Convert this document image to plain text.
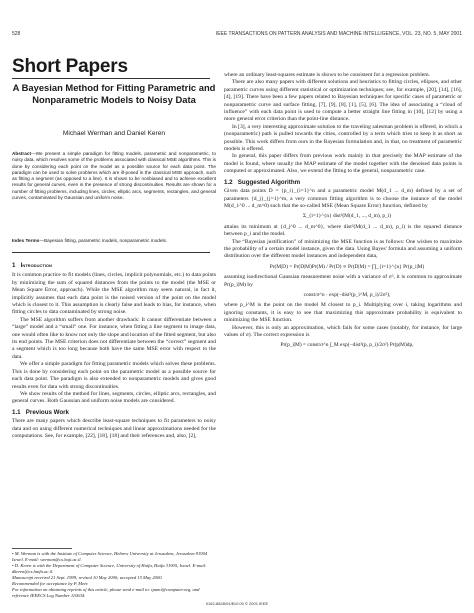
528	IEEE TRANSACTIONS ON PATTERN ANALYSIS AND MACHINE INTELLIGENCE, VOL. 23, NO. 5, MAY 2001
Short Papers
A Bayesian Method for Fitting Parametric and Nonparametric Models to Noisy Data
Michael Werman and Daniel Keren

Abstract—We present a simple paradigm for fitting models, parametric and nonparametric, to noisy data, which resolves some of the problems associated with classical MSE algorithms. This is done by considering each point on the model as a possible source for each data point. The paradigm can be used to solve problems which are ill-posed in the classical MSE approach, such as fitting a segment (as opposed to a line). It is shown to be nonbiased and to achieve excellent results for general curves, even in the presence of strong discontinuities. Results are shown for a number of fitting problems, including lines, circles, elliptic arcs, segments, rectangles, and general curves, contaminated by Gaussian and uniform noise.

Index Terms—Bayesian fitting, parametric models, nonparametric models.

1 Introduction

It is common practice to fit models (lines, circles, implicit polynomials, etc.) to data points by minimizing the sum of squared distances from the points to the model (the MSE or Mean Square Error, approach). While the MSE algorithm may seem natural, in fact it, implicitly assumes that each data point is the noised version of the point on the model which is closest to it. This assumption is clearly false and leads to bias, for instance, when fitting circles to data contaminated by strong noise.

The MSE algorithm suffers from another drawback: It cannot differentiate between a “large” model and a “small” one. For instance, when fitting a line segment to image data, one would often like to know not only the slope and location of the fitted segment, but also its end points. The MSE criterion does not differentiate between the “correct” segment and a segment which is too long because both have the same MSE error with respect to the data.

We offer a simple paradigm for fitting parametric models which solves these problems. This is done by considering each point on the parametric model as a possible source for each data point. The paradigm is also extended to nonparametric models and gives good results even for data with strong discontinuities.

We show results of the method for lines, segments, circles, elliptic arcs, rectangles, and general curves. Both Gaussian and uniform noise models are considered.

1.1 Previous Work

There are many papers which describe least-square techniques to fit parameters to noisy data and on using different numerical techniques and linear approximations needed for the computations. See, for example, [22], [18], [18] and their references and, also, [2],

• M. Werman is with the Institute of Computer Science, Hebrew University at Jerusalem, Jerusalem 91904 Israel. E-mail: werman@cs.huji.ac.il.

• D. Keren is with the Department of Computer Science, University of Haifa, Haifa 31905, Israel. E-mail: dkeren@cs.haifa.ac.il.

Manuscript received 21 Sept. 1999; revised 10 May 2000; accepted 15 May 2000.

Recommended for acceptance by P. Meer.

For information on obtaining reprints of this article, please send e-mail to: tpami@computer.org, and reference IEEECS Log Number 110634.

where an ordinary least-squares estimate is shown to be consistent for a regression problem.

There are also many papers with different solutions and heuristics to fitting circles, ellipses, and other parametric curves using different statistical or optimization techniques; see, for example, [20], [14], [16], [4], [19]. There have been a few papers related to Bayesian techniques for specific cases of parametric or nonparametric curve and surface fitting, [7], [9], [8], [1], [5], [6]. The idea of associating a “cloud of influence” with each data point is used to compute a better straight line fitting in [10], [12] by using a more general error criterion than the point-line distance.

In [3], a very interesting approximate solution to the traveling salesman problem is offered, in which a (nonparametric) path is pulled towards the cities, controlled by a term which tries to keep it as short as possible. This work differs from ours in the Bayesian formulation and, in that, no treatment of parametric models is offered.

In general, this paper differs from previous work mainly in that precisely the MAP estimate of the model is found, where usually the MAP estimate of the model together with the denoised data points is computed or approximated. Also, we extend the fitting to the general, nonparametric case.

1.2 Suggested Algorithm

Given data points D = {p_i}_{i=1}^n and a parametric model M(d_1 ... d_m) defined by a set of parameters {d_j}_{j=1}^m, a very common fitting algorithm is to choose the instance of the model M(d_1^0 ... d_m^0) such that the so-called MSE (Mean Square Error) function, defined by

Σ_{i=1}^{n} dist²(M(d_1, ..., d_m), p_i)

attains its minimum at {d_j^0 ... d_m^0}, where dist²(M(d_1 ... d_m), p_i) is the squared distance between p_i and the model.

The “Bayesian justification” of minimizing the MSE function is as follows: One wishes to maximize the probability of a certain model instance, given the data. Using Bayes' formula and assuming a uniform distribution over the different model instances and independent data,

Pr(M|D) = Pr(D|M)Pr(M) / Pr(D) ∝ Pr(D|M) = ∏_{i=1}^{n} Pr(p_i|M)

assuming isodirectional Gaussian measurement noise with a variance of σ², it is common to approximate Pr(p_i|M) by

const/σ^n · exp(−dist²(p_i^M, p_i)/2σ²),

where p_i^M is the point on the model M closest to p_i. Multiplying over i, taking logarithms and ignoring constants, it is easy to see that maximizing this approximate probability is equivalent to minimizing the MSE function.

However, this is only an approximation, which fails for some cases (notably, for instance, for large values of σ). The correct expression is

Pr(p_i|M) = const/σ^n ∫_M exp(−dist²(p, p_i)/2σ²) Pr(p|M)dp,

0162-8828/01/$10.00 © 2001 IEEE
